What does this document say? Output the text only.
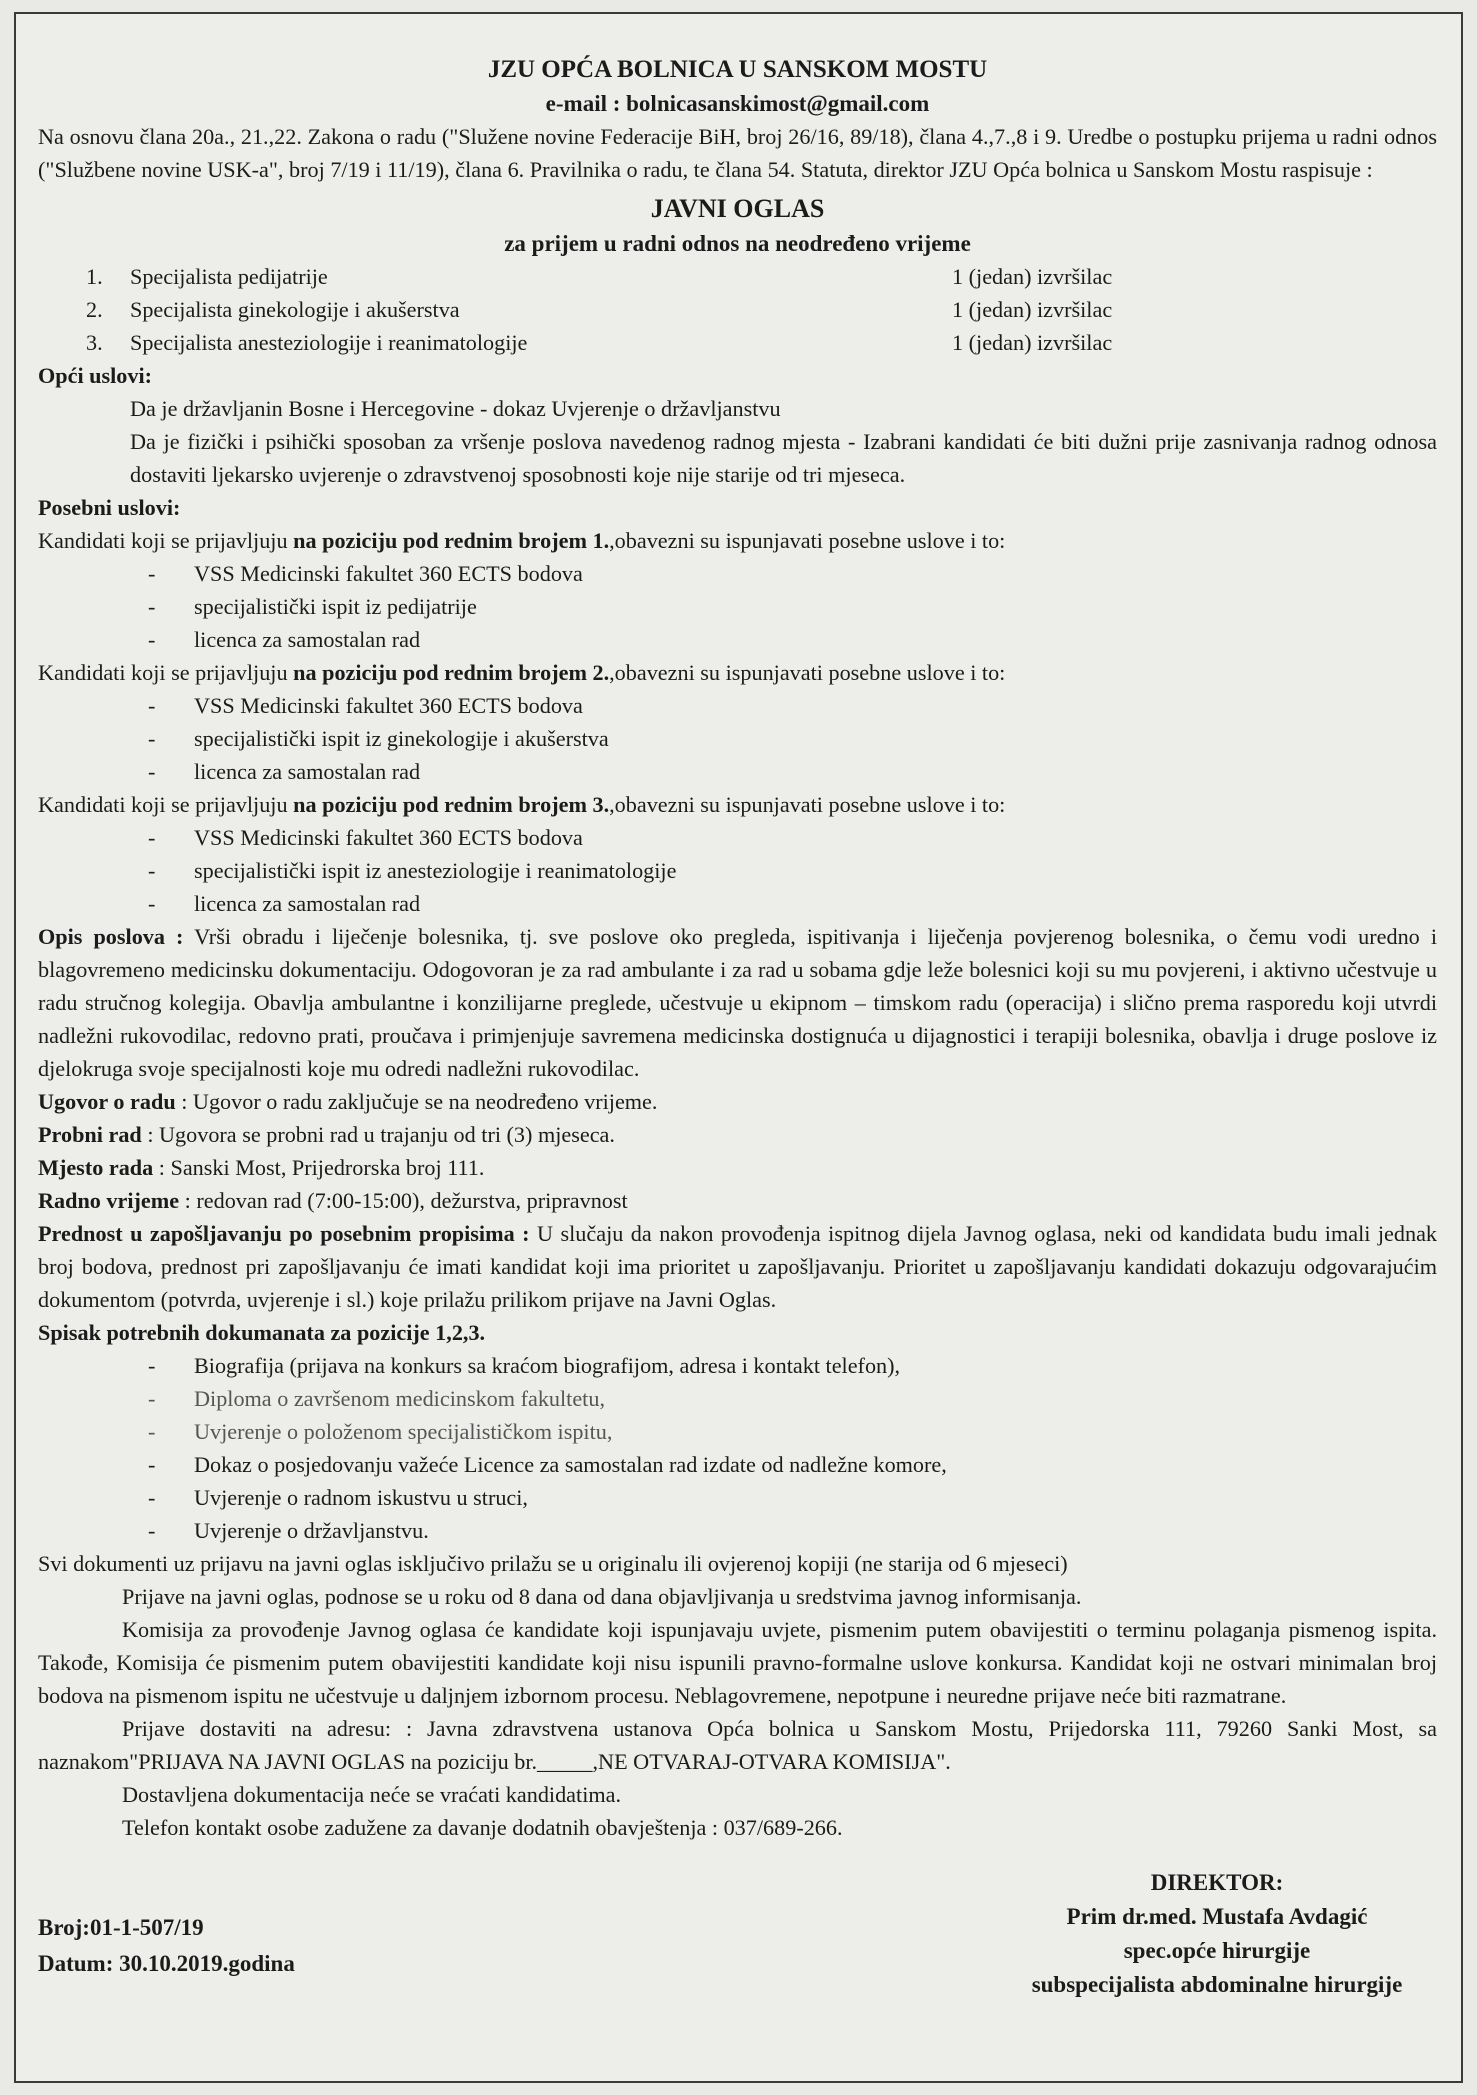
JZU OPĆA BOLNICA U SANSKOM MOSTU

e-mail : bolnicasanskimost@gmail.com

Na osnovu člana 20a., 21.,22. Zakona o radu ("Služene novine Federacije BiH, broj 26/16, 89/18), člana 4.,7.,8 i 9. Uredbe o postupku prijema u radni odnos ("Službene novine USK-a", broj 7/19 i 11/19), člana 6. Pravilnika o radu, te člana 54. Statuta, direktor JZU Opća bolnica u Sanskom Mostu raspisuje :

JAVNI OGLAS

za prijem u radni odnos na neodređeno vrijeme

1.	Specijalista pedijatrije	1 (jedan) izvršilac
2.	Specijalista ginekologije i akušerstva	1 (jedan) izvršilac
3.	Specijalista anesteziologije i reanimatologije	1 (jedan) izvršilac

Opći uslovi:

Da je državljanin Bosne i Hercegovine - dokaz Uvjerenje o državljanstvu

Da je fizički i psihički sposoban za vršenje poslova navedenog radnog mjesta - Izabrani kandidati će biti dužni prije zasnivanja radnog odnosa dostaviti ljekarsko uvjerenje o zdravstvenoj sposobnosti koje nije starije od tri mjeseca.

Posebni uslovi:

Kandidati koji se prijavljuju na poziciju pod rednim brojem 1.,obavezni su ispunjavati posebne uslove i to:

- VSS Medicinski fakultet 360 ECTS bodova
- specijalistički ispit iz pedijatrije
- licenca za samostalan rad

Kandidati koji se prijavljuju na poziciju pod rednim brojem 2.,obavezni su ispunjavati posebne uslove i to:

- VSS Medicinski fakultet 360 ECTS bodova
- specijalistički ispit iz ginekologije i akušerstva
- licenca za samostalan rad

Kandidati koji se prijavljuju na poziciju pod rednim brojem 3.,obavezni su ispunjavati posebne uslove i to:

- VSS Medicinski fakultet 360 ECTS bodova
- specijalistički ispit iz anesteziologije i reanimatologije
- licenca za samostalan rad

Opis poslova : Vrši obradu i liječenje bolesnika, tj. sve poslove oko pregleda, ispitivanja i liječenja povjerenog bolesnika, o čemu vodi uredno i blagovremeno medicinsku dokumentaciju. Odogovoran je za rad ambulante i za rad u sobama gdje leže bolesnici koji su mu povjereni, i aktivno učestvuje u radu stručnog kolegija. Obavlja ambulantne i konzilijarne preglede, učestvuje u ekipnom – timskom radu (operacija) i slično prema rasporedu koji utvrdi nadležni rukovodilac, redovno prati, proučava i primjenjuje savremena medicinska dostignuća u dijagnostici i terapiji bolesnika, obavlja i druge poslove iz djelokruga svoje specijalnosti koje mu odredi nadležni rukovodilac.

Ugovor o radu : Ugovor o radu zaključuje se na neodređeno vrijeme.

Probni rad : Ugovora se probni rad u trajanju od tri (3) mjeseca.

Mjesto rada : Sanski Most, Prijedrorska broj 111.

Radno vrijeme : redovan rad (7:00-15:00), dežurstva, pripravnost

Prednost u zapošljavanju po posebnim propisima : U slučaju da nakon provođenja ispitnog dijela Javnog oglasa, neki od kandidata budu imali jednak broj bodova, prednost pri zapošljavanju će imati kandidat koji ima prioritet u zapošljavanju. Prioritet u zapošljavanju kandidati dokazuju odgovarajućim dokumentom (potvrda, uvjerenje i sl.) koje prilažu prilikom prijave na Javni Oglas.

Spisak potrebnih dokumanata za pozicije 1,2,3.

- Biografija (prijava na konkurs sa kraćom biografijom, adresa i kontakt telefon),
- Diploma o završenom medicinskom fakultetu,
- Uvjerenje o položenom specijalističkom ispitu,
- Dokaz o posjedovanju važeće Licence za samostalan rad izdate od nadležne komore,
- Uvjerenje o radnom iskustvu u struci,
- Uvjerenje o državljanstvu.

Svi dokumenti uz prijavu na javni oglas isključivo prilažu se u originalu ili ovjerenoj kopiji (ne starija od 6 mjeseci)

Prijave na javni oglas, podnose se u roku od 8 dana od dana objavljivanja u sredstvima javnog informisanja.

Komisija za provođenje Javnog oglasa će kandidate koji ispunjavaju uvjete, pismenim putem obavijestiti o terminu polaganja pismenog ispita. Takođe, Komisija će pismenim putem obavijestiti kandidate koji nisu ispunili pravno-formalne uslove konkursa. Kandidat koji ne ostvari minimalan broj bodova na pismenom ispitu ne učestvuje u daljnjem izbornom procesu. Neblagovremene, nepotpune i neuredne prijave neće biti razmatrane.

Prijave dostaviti na adresu: : Javna zdravstvena ustanova Opća bolnica u Sanskom Mostu, Prijedorska 111, 79260 Sanki Most, sa naznakom"PRIJAVA NA JAVNI OGLAS na poziciju br._____,NE OTVARAJ-OTVARA KOMISIJA".

Dostavljena dokumentacija neće se vraćati kandidatima.

Telefon kontakt osobe zadužene za davanje dodatnih obavještenja : 037/689-266.

Broj:01-1-507/19
Datum: 30.10.2019.godina
DIREKTOR:
Prim dr.med. Mustafa Avdagić
spec.opće hirurgije
subspecijalista abdominalne hirurgije
